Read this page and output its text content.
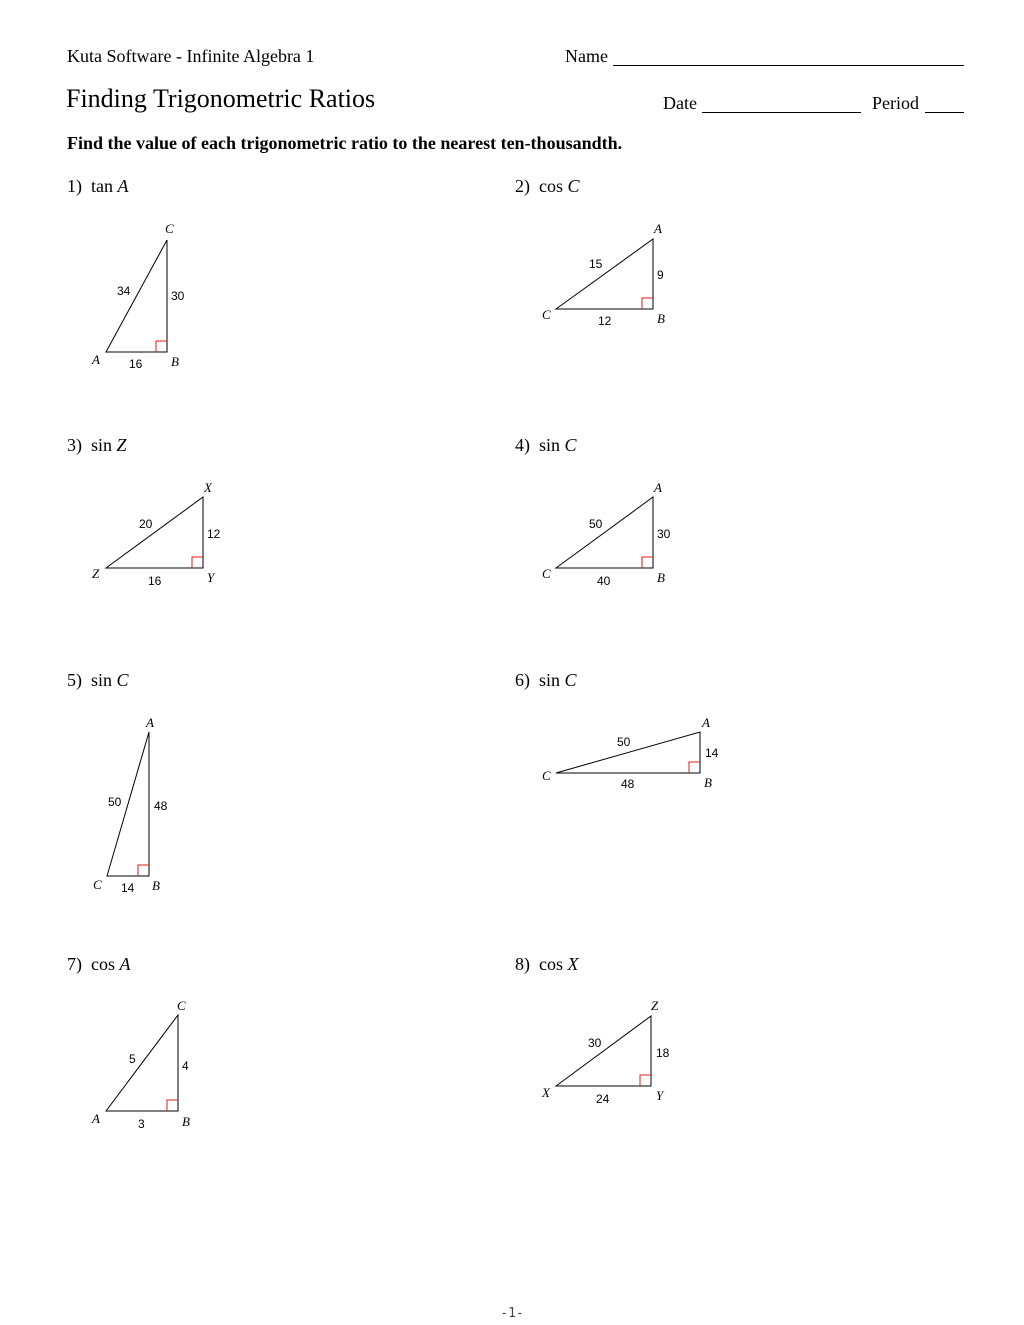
Kuta Software - Infinite Algebra 1	Name
Finding Trigonometric Ratios	Date	Period
Find the value of each trigonometric ratio to the nearest ten-thousandth.
1) tan A	2) cos C
3) sin Z	4) sin C
5) sin C	6) sin C
7) cos A	8) cos X
C
A	B
34	30
16
A
C	B
15
9
12
X
Z	Y
20
12
16
A
C	B
50
30
40
A
C	B
50	48
14
A
C	B
50
14
48
C
A	B
5	4
3
Z
X	Y
30
18
24
-1-
